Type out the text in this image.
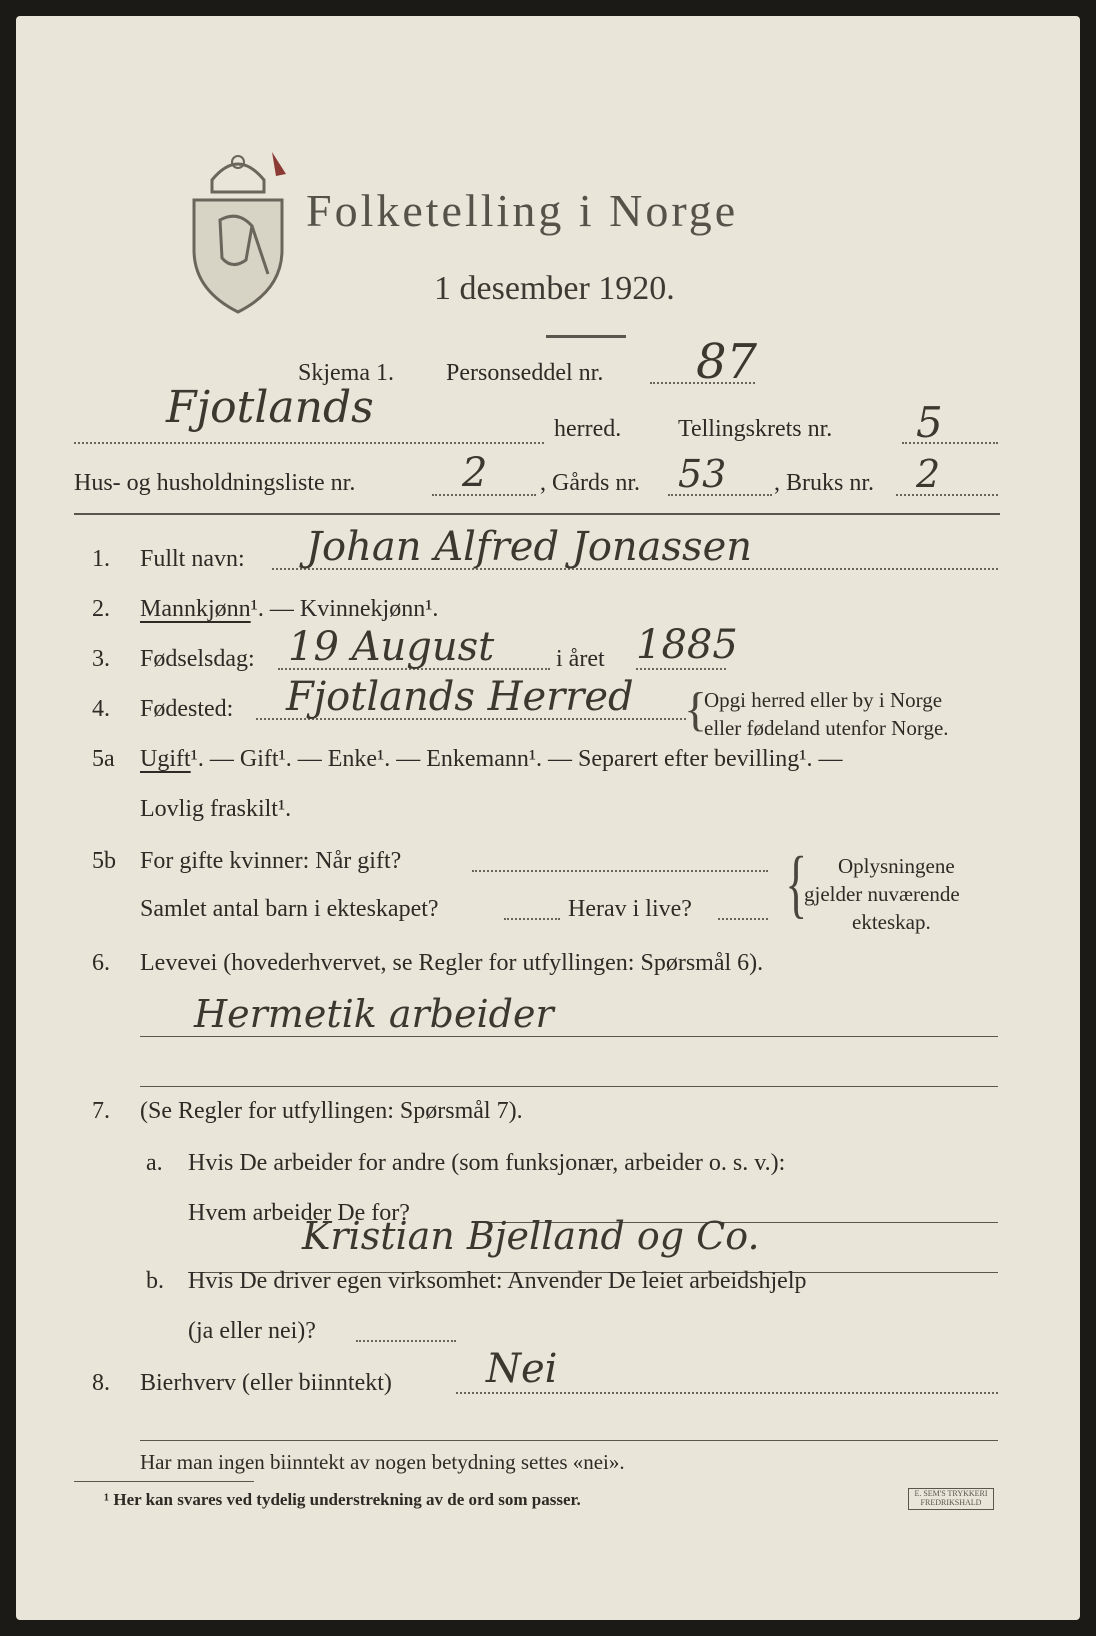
Folketelling i Norge
1 desember 1920.
Skjema 1. Personseddel nr. 87
Fjotlands	herred. Tellingskrets nr. 5
Hus- og husholdningsliste nr.	2 , Gårds nr. 53 , Bruks nr. 2
1. Fullt navn: Johan Alfred Jonassen
2. Mannkjønn¹. — Kvinnekjønn¹.
3. Fødselsdag: 19 August	i året 1885
4. Fødested: Fjotlands Herred {
Opgi herred eller by i Norge
eller fødeland utenfor Norge.
5a Ugift¹. — Gift¹. — Enke¹. — Enkemann¹. — Separert efter bevilling¹. —
Lovlig fraskilt¹.
5b For gifte kvinner: Når gift?
Samlet antal barn i ekteskapet?	Herav i live? { Oplysningene
gjelder nuværende
ekteskap.
6. Levevei (hovederhvervet, se Regler for utfyllingen: Spørsmål 6).
Hermetik arbeider
7. (Se Regler for utfyllingen: Spørsmål 7).
a. Hvis De arbeider for andre (som funksjonær, arbeider o. s. v.):
Hvem arbeider De for?
Kristian Bjelland og Co.
b. Hvis De driver egen virksomhet: Anvender De leiet arbeidshjelp
(ja eller nei)?
8. Bierhverv (eller biinntekt) Nei
Har man ingen biinntekt av nogen betydning settes «nei».
¹ Her kan svares ved tydelig understrekning av de ord som passer.	E. SEM'S TRYKKERI
FREDRIKSHALD
